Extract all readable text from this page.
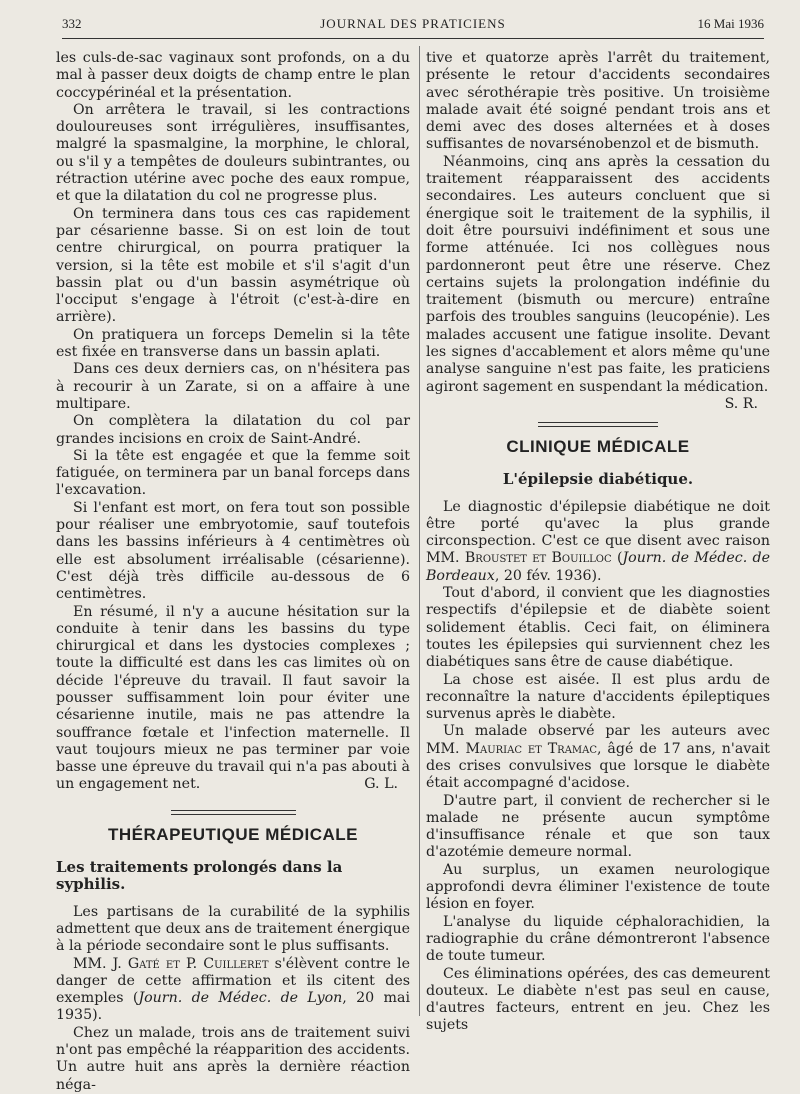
332	JOURNAL DES PRATICIENS	16 Mai 1936

les culs-de-sac vaginaux sont profonds, on a du mal à passer deux doigts de champ entre le plan coccypérinéal et la présentation.

On arrêtera le travail, si les contractions douloureuses sont irrégulières, insuffisantes, malgré la spasmalgine, la morphine, le chloral, ou s'il y a tempêtes de douleurs subintrantes, ou rétraction utérine avec poche des eaux rompue, et que la dilatation du col ne progresse plus.

On terminera dans tous ces cas rapidement par césarienne basse. Si on est loin de tout centre chirurgical, on pourra pratiquer la version, si la tête est mobile et s'il s'agit d'un bassin plat ou d'un bassin asymétrique où l'occiput s'engage à l'étroit (c'est-à-dire en arrière).

On pratiquera un forceps Demelin si la tête est fixée en transverse dans un bassin aplati.

Dans ces deux derniers cas, on n'hésitera pas à recourir à un Zarate, si on a affaire à une multipare.

On complètera la dilatation du col par grandes incisions en croix de Saint-André.

Si la tête est engagée et que la femme soit fatiguée, on terminera par un banal forceps dans l'excavation.

Si l'enfant est mort, on fera tout son possible pour réaliser une embryotomie, sauf toutefois dans les bassins inférieurs à 4 centimètres où elle est absolument irréalisable (césarienne). C'est déjà très difficile au-dessous de 6 centimètres.

En résumé, il n'y a aucune hésitation sur la conduite à tenir dans les bassins du type chirurgical et dans les dystocies complexes ; toute la difficulté est dans les cas limites où on décide l'épreuve du travail. Il faut savoir la pousser suffisamment loin pour éviter une césarienne inutile, mais ne pas attendre la souffrance fœtale et l'infection maternelle. Il vaut toujours mieux ne pas terminer par voie basse une épreuve du travail qui n'a pas abouti à un engagement net.	G. L.

THÉRAPEUTIQUE MÉDICALE
Les traitements prolongés dans la syphilis.

Les partisans de la curabilité de la syphilis admettent que deux ans de traitement énergique à la période secondaire sont le plus suffisants.

MM. J. Gaté et P. Cuilleret s'élèvent contre le danger de cette affirmation et ils citent des exemples (Journ. de Médec. de Lyon, 20 mai 1935).

Chez un malade, trois ans de traitement suivi n'ont pas empêché la réapparition des accidents. Un autre huit ans après la dernière réaction néga-

tive et quatorze après l'arrêt du traitement, présente le retour d'accidents secondaires avec sérothérapie très positive. Un troisième malade avait été soigné pendant trois ans et demi avec des doses alternées et à doses suffisantes de novarsénobenzol et de bismuth.

Néanmoins, cinq ans après la cessation du traitement réapparaissent des accidents secondaires. Les auteurs concluent que si énergique soit le traitement de la syphilis, il doit être poursuivi indéfiniment et sous une forme atténuée. Ici nos collègues nous pardonneront peut être une réserve. Chez certains sujets la prolongation indéfinie du traitement (bismuth ou mercure) entraîne parfois des troubles sanguins (leucopénie). Les malades accusent une fatigue insolite. Devant les signes d'accablement et alors même qu'une analyse sanguine n'est pas faite, les praticiens agiront sagement en suspendant la médication.
S. R.

CLINIQUE MÉDICALE
L'épilepsie diabétique.

Le diagnostic d'épilepsie diabétique ne doit être porté qu'avec la plus grande circonspection. C'est ce que disent avec raison MM. Broustet et Bouilloc (Journ. de Médec. de Bordeaux, 20 fév. 1936).

Tout d'abord, il convient que les diagnosties respectifs d'épilepsie et de diabète soient solidement établis. Ceci fait, on éliminera toutes les épilepsies qui surviennent chez les diabétiques sans être de cause diabétique.

La chose est aisée. Il est plus ardu de reconnaître la nature d'accidents épileptiques survenus après le diabète.

Un malade observé par les auteurs avec MM. Mauriac et Tramac, âgé de 17 ans, n'avait des crises convulsives que lorsque le diabète était accompagné d'acidose.

D'autre part, il convient de rechercher si le malade ne présente aucun symptôme d'insuffisance rénale et que son taux d'azotémie demeure normal.

Au surplus, un examen neurologique approfondi devra éliminer l'existence de toute lésion en foyer.

L'analyse du liquide céphalorachidien, la radiographie du crâne démontreront l'absence de toute tumeur.

Ces éliminations opérées, des cas demeurent douteux. Le diabète n'est pas seul en cause, d'autres facteurs, entrent en jeu. Chez les sujets
